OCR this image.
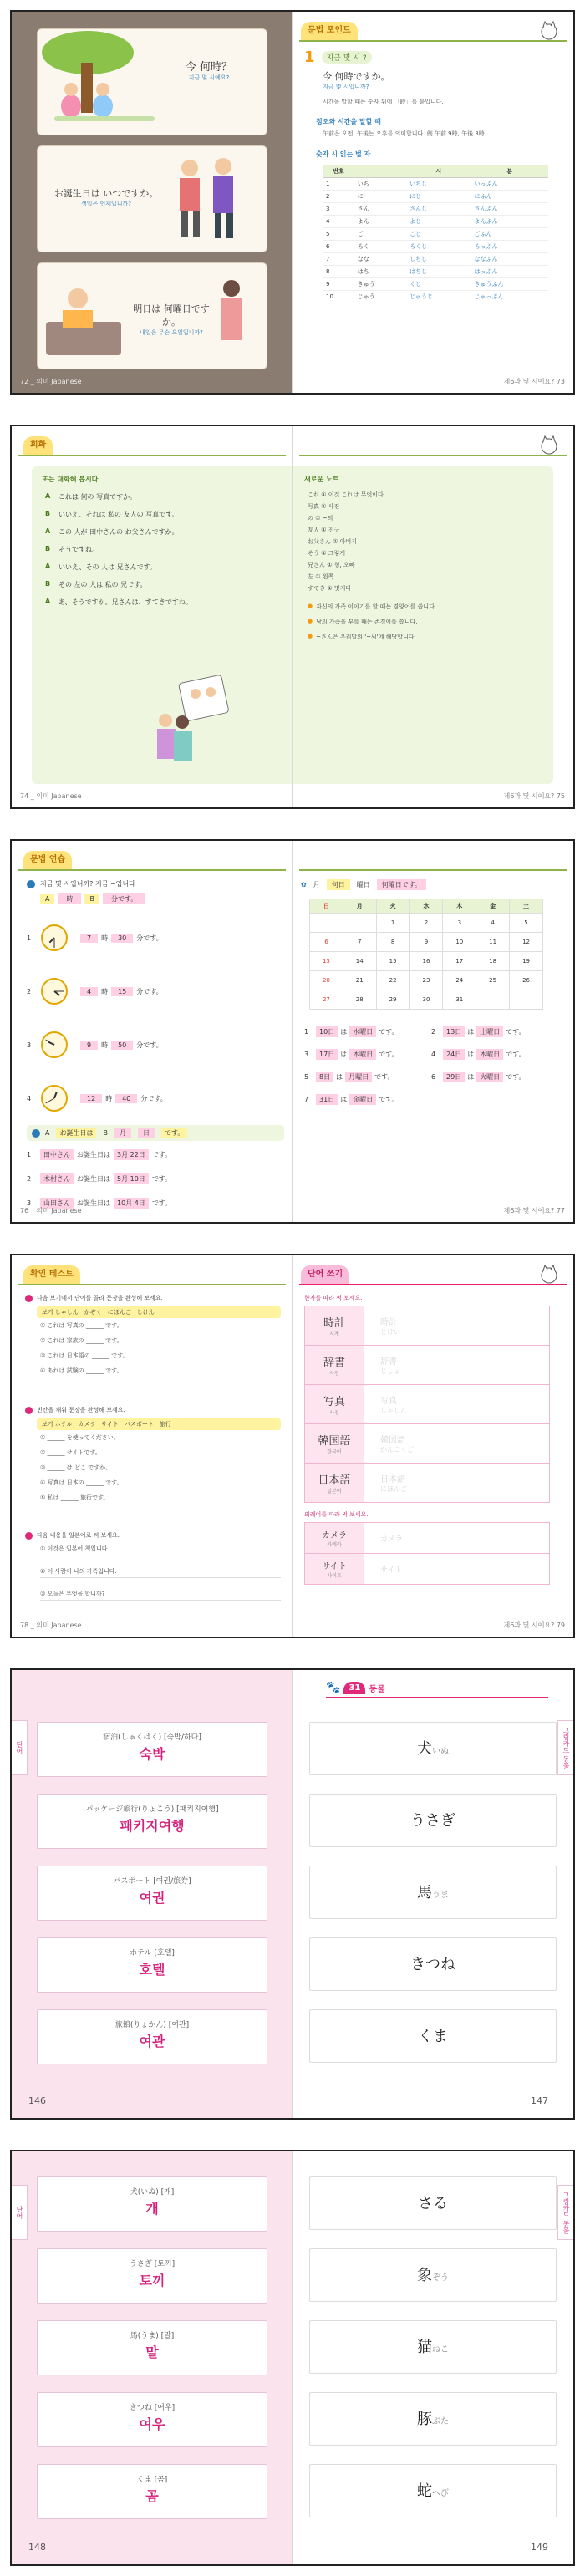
今 何時？
지금 몇 시예요?
お誕生日は いつですか。
생일은 언제입니까?
明日は 何曜日ですか。
내일은 무슨 요일입니까?
72 _ 의미 Japanese
문법 포인트
1	지금 몇 시 ?
今 何時ですか。
지금 몇 시입니까?
시간을 말할 때는 숫자 뒤에 「時」를 붙입니다.
정오와 시간을 말할 때
午前은 오전, 午後는 오후를 의미합니다. 例 午前 9時, 午後 3時
숫자 시 읽는 법 자
번호		시	분
1	いち	いちじ	いっぷん
2	に	にじ	にふん
3	さん	さんじ	さんぷん
4	よん	よじ	よんぷん
5	ご	ごじ	ごふん
6	ろく	ろくじ	ろっぷん
7	なな	しちじ	ななふん
8	はち	はちじ	はっぷん
9	きゅう	くじ	きゅうふん
10	じゅう	じゅうじ	じゅっぷん
제6과 몇 시예요? 73
회화
또는 대화해 봅시다
A	これは 何の 写真ですか。
B	いいえ、それは 私の 友人の 写真です。
A	この 人が 田中さんの お父さんですか。
B	そうですね。
A	いいえ、その 人は 兄さんです。
B	その 左の 人は 私の 兄です。
A	あ、そうですか。兄さんは、すてきですね。
74 _ 의미 Japanese
새로운 노트
これ ① 이것 これは 무엇이다
写真 ① 사진
の ① ~의
友人 ① 친구
お父さん ① 아버지
そう ① 그렇게
兄さん ① 형, 오빠
左 ① 왼쪽
すてき ① 멋지다
● 자신의 가족 이야기를 할 때는 겸양어를 씁니다.
● 남의 가족을 부를 때는 존경어를 씁니다.
● ~さん은 우리말의 '~씨'에 해당합니다.
제6과 몇 시예요? 75
문법 연습
지금 몇 시입니까? 지금 ~입니다
A	時	B	分です。
1	7	時	30	分です。
2	4	時	15	分です。
3	9	時	50	分です。
4	12	時	40	分です。
A	お誕生日は	B	月	日	です。
1	田中さん	お誕生日は	3月 22日	です。
2	木村さん	お誕生日は	5月 10日	です。
3	山田さん	お誕生日は	10月 4日	です。
76 _ 의미 Japanese
✿ 月	何日	曜日	何曜日です。
日	月	火	水	木	金	土
		1	2	3	4	5
6	7	8	9	10	11	12
13	14	15	16	17	18	19
20	21	22	23	24	25	26
27	28	29	30	31		
1	10日 は 水曜日 です。	2	13日 は 土曜日 です。
3	17日 は 木曜日 です。	4	24日 は 木曜日 です。
5	8日 は 月曜日 です。	6	29日 は 火曜日 です。
7	31日 は 金曜日 です。
제6과 몇 시예요? 77
확인 테스트
다음 보기에서 단어를 골라 문장을 완성해 보세요.
보기 しゃしん　かぞく　にほんご　しけん
① これは 写真の ______ です。
② これは 家族の ______ です。
③ これは 日本語の ______ です。
④ あれは 試験の ______ です。
빈칸을 채워 문장을 완성해 보세요.
보기 ホテル　カメラ　サイト　パスポート　旅行
① ______ を使ってください。
② ______ サイトです。
③ ______ は どこ ですか。
④ 写真は 日本の ______ です。
⑤ 私は ______ 旅行です。
다음 내용을 일본어로 써 보세요.
① 이것은 일본어 책입니다.
② 이 사람이 나의 가족입니다.
③ 오늘은 무엇을 합니까?
78 _ 의미 Japanese
단어 쓰기
한자를 따라 써 보세요.
時計
시계
時計
とけい
辞書
사전
辞書
じしょ
写真
사진
写真
しゃしん
韓国語
한국어
韓国語
かんこくご
日本語
일본어
日本語
にほんご
외래어를 따라 써 보세요.
カメラ
카메라
カメラ
サイト
사이트
サイト
제6과 몇 시예요? 79
단어
宿泊(しゅくはく) [숙박/하다]
숙박
パッケージ旅行(りょこう) [패키지여행]
패키지여행
パスポート [여권/旅券]
여권
ホテル [호텔]
호텔
旅館(りょかん) [여관]
여관
146
🐾	31	동물
그림카드 동물
犬いぬ
うさぎ
馬うま
きつね
くま
147
단어
犬(いぬ) [개]
개
うさぎ [토끼]
토끼
馬(うま) [말]
말
きつね [여우]
여우
くま [곰]
곰
148
그림카드 동물
さる
象ぞう
猫ねこ
豚ぶた
蛇へび
149
